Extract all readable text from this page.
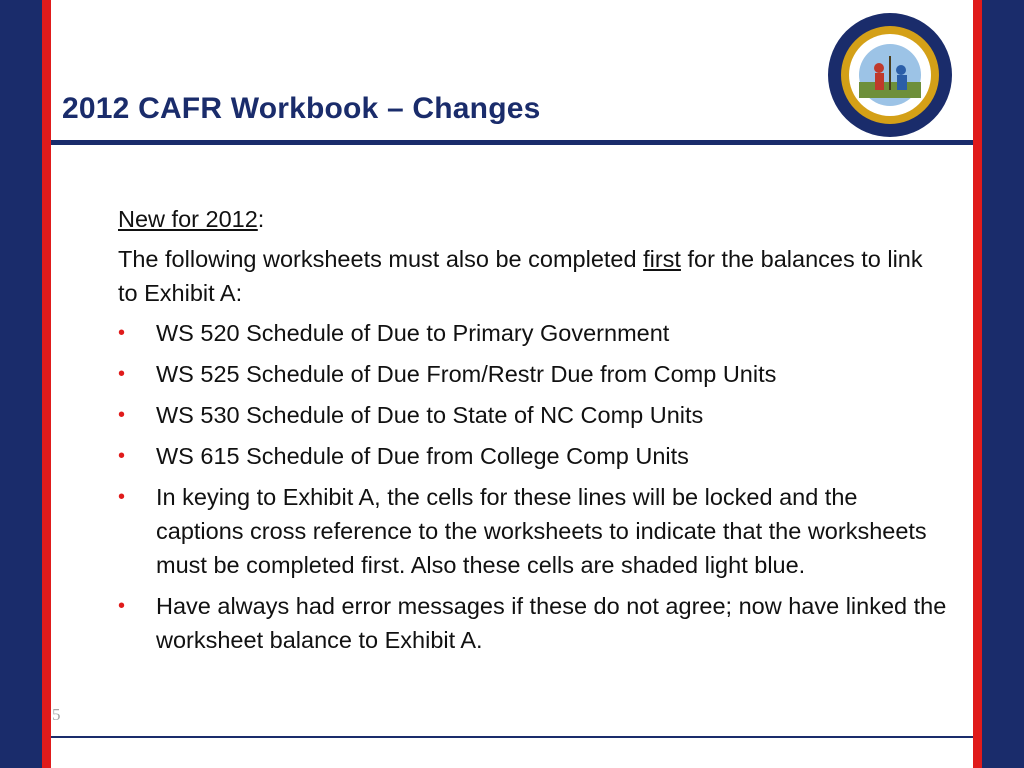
2012 CAFR Workbook – Changes

New for 2012:

The following worksheets must also be completed first for the balances to link to Exhibit A:

• WS 520 Schedule of Due to Primary Government
• WS 525 Schedule of Due From/Restr Due from Comp Units
• WS 530 Schedule of Due to State of NC Comp Units
• WS 615 Schedule of Due from College Comp Units
• In keying to Exhibit A, the cells for these lines will be locked and the captions cross reference to the worksheets to indicate that the worksheets must be completed first. Also these cells are shaded light blue.
• Have always had error messages if these do not agree; now have linked the worksheet balance to Exhibit A.
5
